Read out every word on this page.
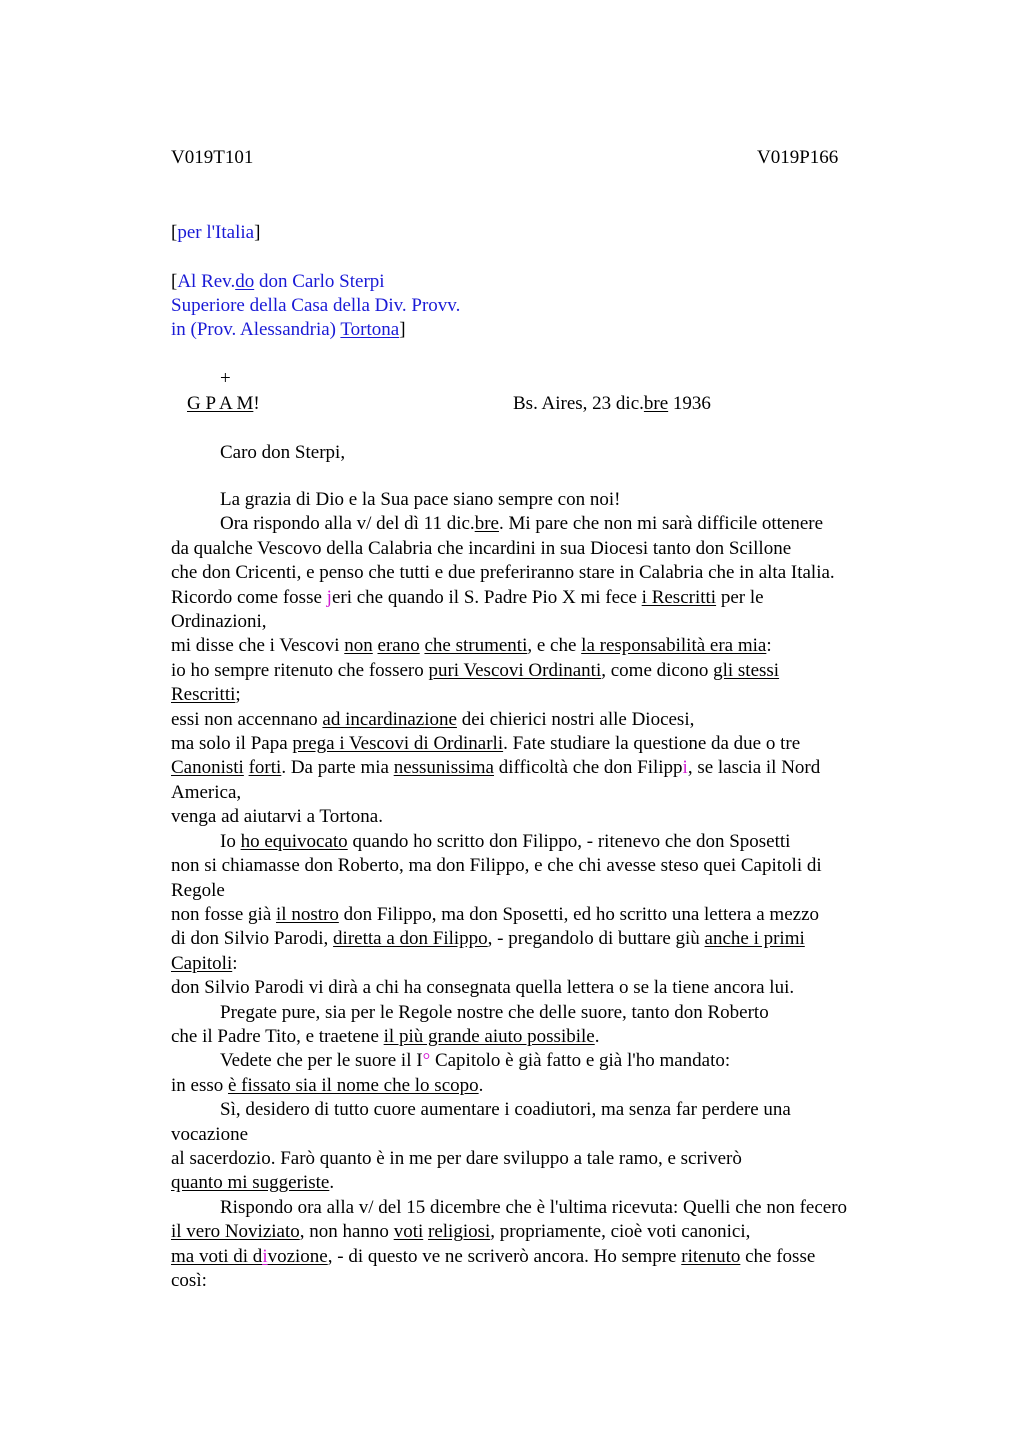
V019T101	V019P166
[per l'Italia]
[Al Rev.do don Carlo Sterpi
Superiore della Casa della Div. Provv.
in (Prov. Alessandria) Tortona]
+
G P A M!	Bs. Aires, 23 dic.bre 1936
Caro don Sterpi,
La grazia di Dio e la Sua pace siano sempre con noi!
Ora rispondo alla v/ del dì 11 dic.bre. Mi pare che non mi sarà difficile ottenere
da qualche Vescovo della Calabria che incardini in sua Diocesi tanto don Scillone
che don Cricenti, e penso che tutti e due preferiranno stare in Calabria che in alta Italia.
Ricordo come fosse jeri che quando il S. Padre Pio X mi fece i Rescritti per le
Ordinazioni,
mi disse che i Vescovi non erano che strumenti, e che la responsabilità era mia:
io ho sempre ritenuto che fossero puri Vescovi Ordinanti, come dicono gli stessi
Rescritti;
essi non accennano ad incardinazione dei chierici nostri alle Diocesi,
ma solo il Papa prega i Vescovi di Ordinarli. Fate studiare la questione da due o tre
Canonisti forti. Da parte mia nessunissima difficoltà che don Filippi, se lascia il Nord
America,
venga ad aiutarvi a Tortona.
Io ho equivocato quando ho scritto don Filippo, - ritenevo che don Sposetti
non si chiamasse don Roberto, ma don Filippo, e che chi avesse steso quei Capitoli di
Regole
non fosse già il nostro don Filippo, ma don Sposetti, ed ho scritto una lettera a mezzo
di don Silvio Parodi, diretta a don Filippo, - pregandolo di buttare giù anche i primi
Capitoli:
don Silvio Parodi vi dirà a chi ha consegnata quella lettera o se la tiene ancora lui.
Pregate pure, sia per le Regole nostre che delle suore, tanto don Roberto
che il Padre Tito, e traetene il più grande aiuto possibile.
Vedete che per le suore il I° Capitolo è già fatto e già l'ho mandato:
in esso è fissato sia il nome che lo scopo.
Sì, desidero di tutto cuore aumentare i coadiutori, ma senza far perdere una
vocazione
al sacerdozio. Farò quanto è in me per dare sviluppo a tale ramo, e scriverò
quanto mi suggeriste.
Rispondo ora alla v/ del 15 dicembre che è l'ultima ricevuta: Quelli che non fecero
il vero Noviziato, non hanno voti religiosi, propriamente, cioè voti canonici,
ma voti di divozione, - di questo ve ne scriverò ancora. Ho sempre ritenuto che fosse
così:
